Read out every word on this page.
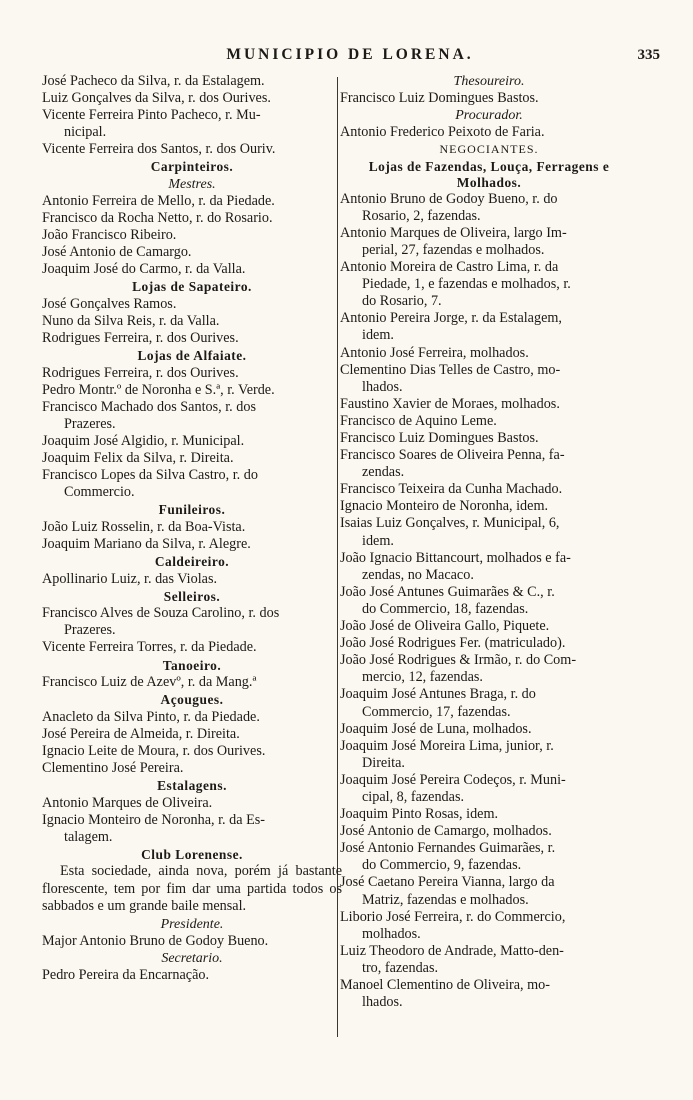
MUNICIPIO DE LORENA.	335
José Pacheco da Silva, r. da Estalagem.
Luiz Gonçalves da Silva, r. dos Ourives.
Vicente Ferreira Pinto Pacheco, r. Mu-
nicipal.
Vicente Ferreira dos Santos, r. dos Ouriv.
Carpinteiros.
Mestres.
Antonio Ferreira de Mello, r. da Piedade.
Francisco da Rocha Netto, r. do Rosario.
João Francisco Ribeiro.
José Antonio de Camargo.
Joaquim José do Carmo, r. da Valla.
Lojas de Sapateiro.
José Gonçalves Ramos.
Nuno da Silva Reis, r. da Valla.
Rodrigues Ferreira, r. dos Ourives.
Lojas de Alfaiate.
Rodrigues Ferreira, r. dos Ourives.
Pedro Montr.º de Noronha e S.ª, r. Verde.
Francisco Machado dos Santos, r. dos
Prazeres.
Joaquim José Algidio, r. Municipal.
Joaquim Felix da Silva, r. Direita.
Francisco Lopes da Silva Castro, r. do
Commercio.
Funileiros.
João Luiz Rosselin, r. da Boa-Vista.
Joaquim Mariano da Silva, r. Alegre.
Caldeireiro.
Apollinario Luiz, r. das Violas.
Selleiros.
Francisco Alves de Souza Carolino, r. dos
Prazeres.
Vicente Ferreira Torres, r. da Piedade.
Tanoeiro.
Francisco Luiz de Azevº, r. da Mang.ª
Açougues.
Anacleto da Silva Pinto, r. da Piedade.
José Pereira de Almeida, r. Direita.
Ignacio Leite de Moura, r. dos Ourives.
Clementino José Pereira.
Estalagens.
Antonio Marques de Oliveira.
Ignacio Monteiro de Noronha, r. da Es-
talagem.
Club Lorenense.
Esta sociedade, ainda nova, porém já bastante florescente, tem por fim dar uma partida todos os sabbados e um grande baile mensal.
Presidente.
Major Antonio Bruno de Godoy Bueno.
Secretario.
Pedro Pereira da Encarnação.
Thesoureiro.
Francisco Luiz Domingues Bastos.
Procurador.
Antonio Frederico Peixoto de Faria.
NEGOCIANTES.
Lojas de Fazendas, Louça, Ferragens e Molhados.
Antonio Bruno de Godoy Bueno, r. do
Rosario, 2, fazendas.
Antonio Marques de Oliveira, largo Im-
perial, 27, fazendas e molhados.
Antonio Moreira de Castro Lima, r. da
Piedade, 1, e fazendas e molhados, r.
do Rosario, 7.
Antonio Pereira Jorge, r. da Estalagem,
idem.
Antonio José Ferreira, molhados.
Clementino Dias Telles de Castro, mo-
lhados.
Faustino Xavier de Moraes, molhados.
Francisco de Aquino Leme.
Francisco Luiz Domingues Bastos.
Francisco Soares de Oliveira Penna, fa-
zendas.
Francisco Teixeira da Cunha Machado.
Ignacio Monteiro de Noronha, idem.
Isaias Luiz Gonçalves, r. Municipal, 6,
idem.
João Ignacio Bittancourt, molhados e fa-
zendas, no Macaco.
João José Antunes Guimarães & C., r.
do Commercio, 18, fazendas.
João José de Oliveira Gallo, Piquete.
João José Rodrigues Fer. (matriculado).
João José Rodrigues & Irmão, r. do Com-
mercio, 12, fazendas.
Joaquim José Antunes Braga, r. do
Commercio, 17, fazendas.
Joaquim José de Luna, molhados.
Joaquim José Moreira Lima, junior, r.
Direita.
Joaquim José Pereira Codeços, r. Muni-
cipal, 8, fazendas.
Joaquim Pinto Rosas, idem.
José Antonio de Camargo, molhados.
José Antonio Fernandes Guimarães, r.
do Commercio, 9, fazendas.
José Caetano Pereira Vianna, largo da
Matriz, fazendas e molhados.
Liborio José Ferreira, r. do Commercio,
molhados.
Luiz Theodoro de Andrade, Matto-den-
tro, fazendas.
Manoel Clementino de Oliveira, mo-
lhados.
